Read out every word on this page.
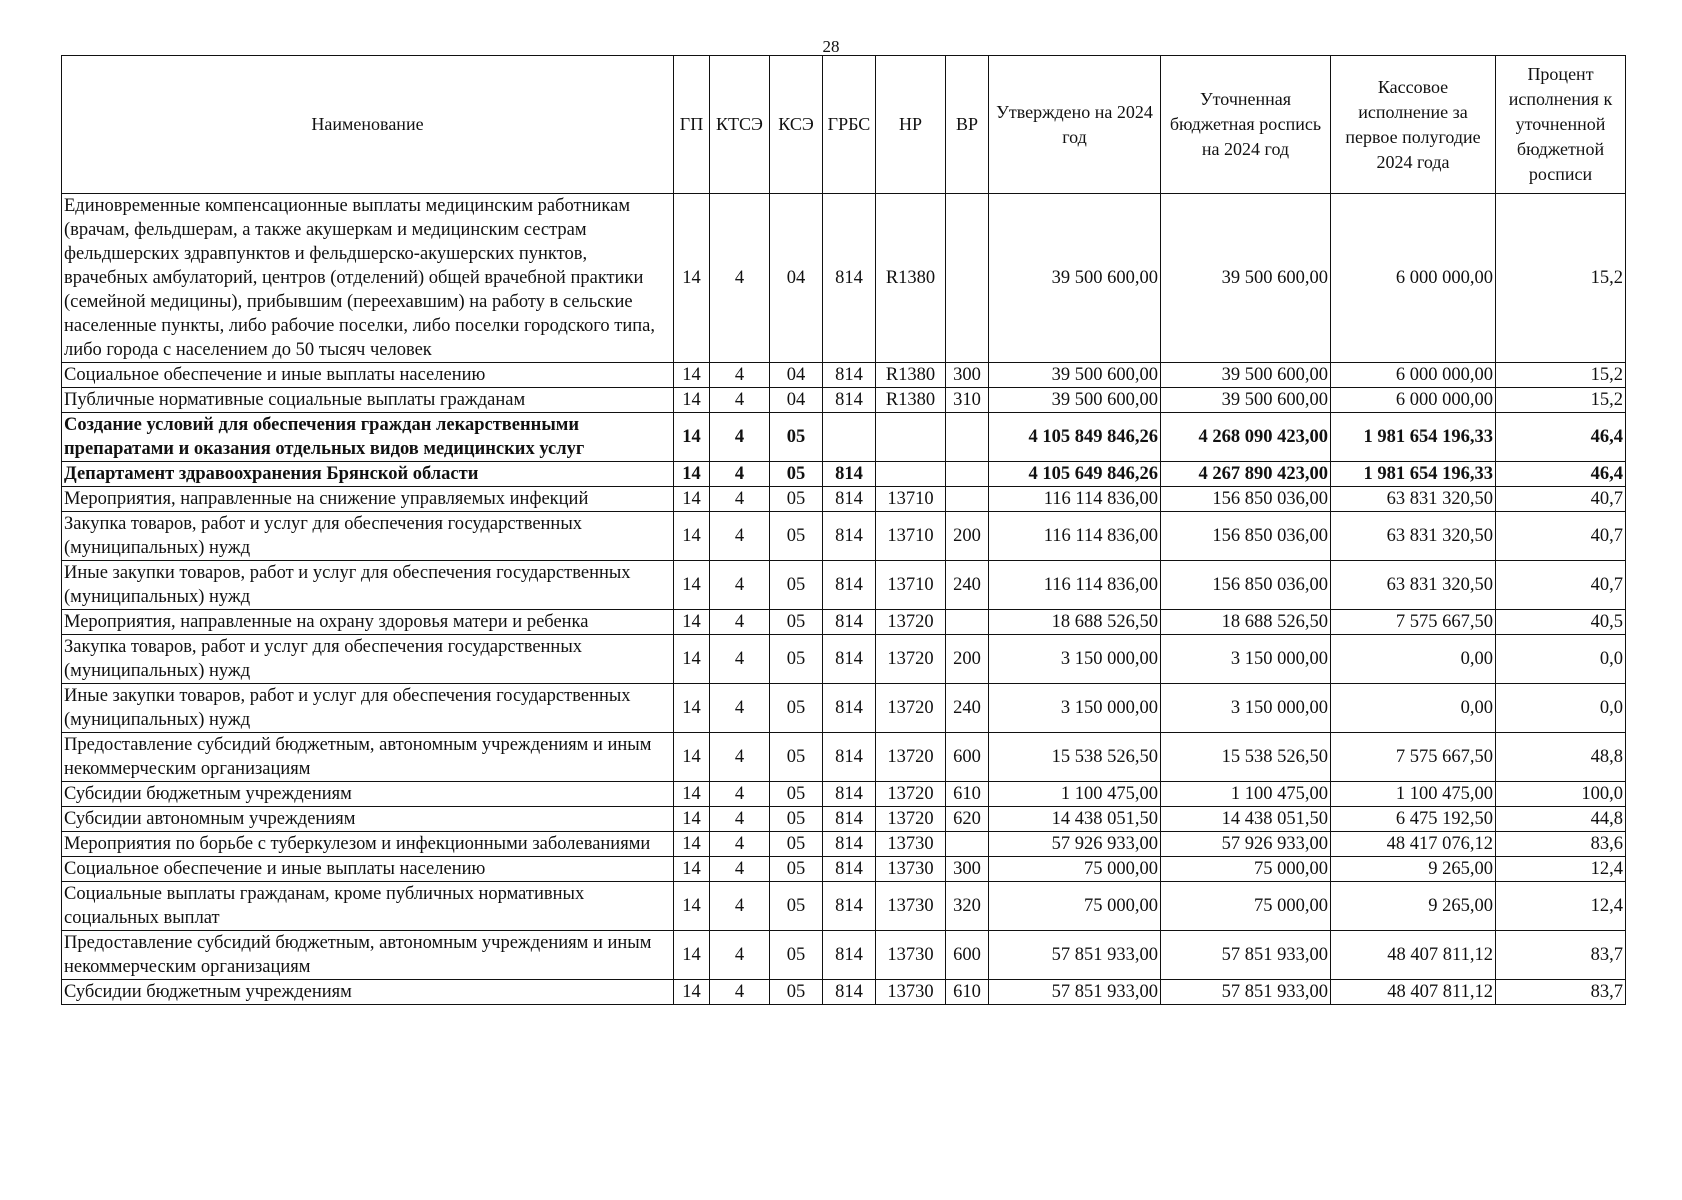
28
Наименование	ГП	КТСЭ	КСЭ	ГРБС	НР	ВР	Утверждено на 2024 год	Уточненная бюджетная роспись на 2024 год	Кассовое исполнение за первое полугодие 2024 года	Процент исполнения к уточненной бюджетной росписи
Единовременные компенсационные выплаты медицинским работникам (врачам, фельдшерам, а также акушеркам и медицинским сестрам фельдшерских здравпунктов и фельдшерско-акушерских пунктов, врачебных амбулаторий, центров (отделений) общей врачебной практики (семейной медицины), прибывшим (переехавшим) на работу в сельские населенные пункты, либо рабочие поселки, либо поселки городского типа, либо города с населением до 50 тысяч человек	14	4	04	814	R1380		39 500 600,00	39 500 600,00	6 000 000,00	15,2
Социальное обеспечение и иные выплаты населению	14	4	04	814	R1380	300	39 500 600,00	39 500 600,00	6 000 000,00	15,2
Публичные нормативные социальные выплаты гражданам	14	4	04	814	R1380	310	39 500 600,00	39 500 600,00	6 000 000,00	15,2
Создание условий для обеспечения граждан лекарственными препаратами и оказания отдельных видов медицинских услуг	14	4	05				4 105 849 846,26	4 268 090 423,00	1 981 654 196,33	46,4
Департамент здравоохранения Брянской области	14	4	05	814			4 105 649 846,26	4 267 890 423,00	1 981 654 196,33	46,4
Мероприятия, направленные на снижение управляемых инфекций	14	4	05	814	13710		116 114 836,00	156 850 036,00	63 831 320,50	40,7
Закупка товаров, работ и услуг для обеспечения государственных (муниципальных) нужд	14	4	05	814	13710	200	116 114 836,00	156 850 036,00	63 831 320,50	40,7
Иные закупки товаров, работ и услуг для обеспечения государственных (муниципальных) нужд	14	4	05	814	13710	240	116 114 836,00	156 850 036,00	63 831 320,50	40,7
Мероприятия, направленные на охрану здоровья матери и ребенка	14	4	05	814	13720		18 688 526,50	18 688 526,50	7 575 667,50	40,5
Закупка товаров, работ и услуг для обеспечения государственных (муниципальных) нужд	14	4	05	814	13720	200	3 150 000,00	3 150 000,00	0,00	0,0
Иные закупки товаров, работ и услуг для обеспечения государственных (муниципальных) нужд	14	4	05	814	13720	240	3 150 000,00	3 150 000,00	0,00	0,0
Предоставление субсидий бюджетным, автономным учреждениям и иным некоммерческим организациям	14	4	05	814	13720	600	15 538 526,50	15 538 526,50	7 575 667,50	48,8
Субсидии бюджетным учреждениям	14	4	05	814	13720	610	1 100 475,00	1 100 475,00	1 100 475,00	100,0
Субсидии автономным учреждениям	14	4	05	814	13720	620	14 438 051,50	14 438 051,50	6 475 192,50	44,8
Мероприятия по борьбе с туберкулезом и инфекционными заболеваниями	14	4	05	814	13730		57 926 933,00	57 926 933,00	48 417 076,12	83,6
Социальное обеспечение и иные выплаты населению	14	4	05	814	13730	300	75 000,00	75 000,00	9 265,00	12,4
Социальные выплаты гражданам, кроме публичных нормативных социальных выплат	14	4	05	814	13730	320	75 000,00	75 000,00	9 265,00	12,4
Предоставление субсидий бюджетным, автономным учреждениям и иным некоммерческим организациям	14	4	05	814	13730	600	57 851 933,00	57 851 933,00	48 407 811,12	83,7
Субсидии бюджетным учреждениям	14	4	05	814	13730	610	57 851 933,00	57 851 933,00	48 407 811,12	83,7
